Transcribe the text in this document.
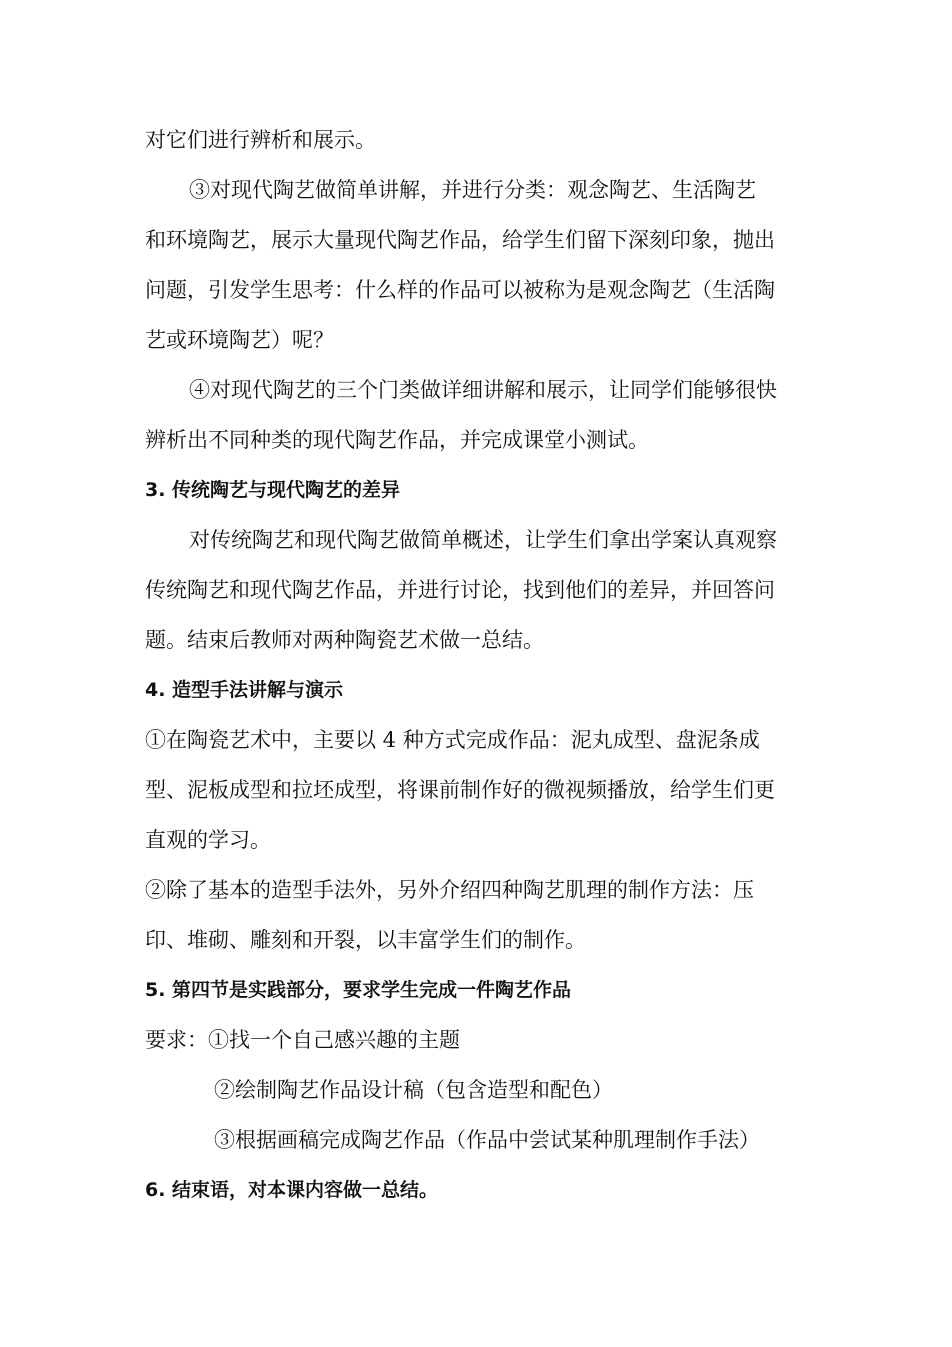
对它们进行辨析和展示。
③对现代陶艺做简单讲解，并进行分类：观念陶艺、生活陶艺
和环境陶艺，展示大量现代陶艺作品，给学生们留下深刻印象，抛出
问题，引发学生思考：什么样的作品可以被称为是观念陶艺（生活陶
艺或环境陶艺）呢？
④对现代陶艺的三个门类做详细讲解和展示，让同学们能够很快
辨析出不同种类的现代陶艺作品，并完成课堂小测试。
3. 传统陶艺与现代陶艺的差异
对传统陶艺和现代陶艺做简单概述，让学生们拿出学案认真观察
传统陶艺和现代陶艺作品，并进行讨论，找到他们的差异，并回答问
题。结束后教师对两种陶瓷艺术做一总结。
4. 造型手法讲解与演示
①在陶瓷艺术中，主要以 4 种方式完成作品：泥丸成型、盘泥条成
型、泥板成型和拉坯成型，将课前制作好的微视频播放，给学生们更
直观的学习。
②除了基本的造型手法外，另外介绍四种陶艺肌理的制作方法：压
印、堆砌、雕刻和开裂，以丰富学生们的制作。
5. 第四节是实践部分，要求学生完成一件陶艺作品
要求：①找一个自己感兴趣的主题
②绘制陶艺作品设计稿（包含造型和配色）
③根据画稿完成陶艺作品（作品中尝试某种肌理制作手法）
6. 结束语，对本课内容做一总结。
